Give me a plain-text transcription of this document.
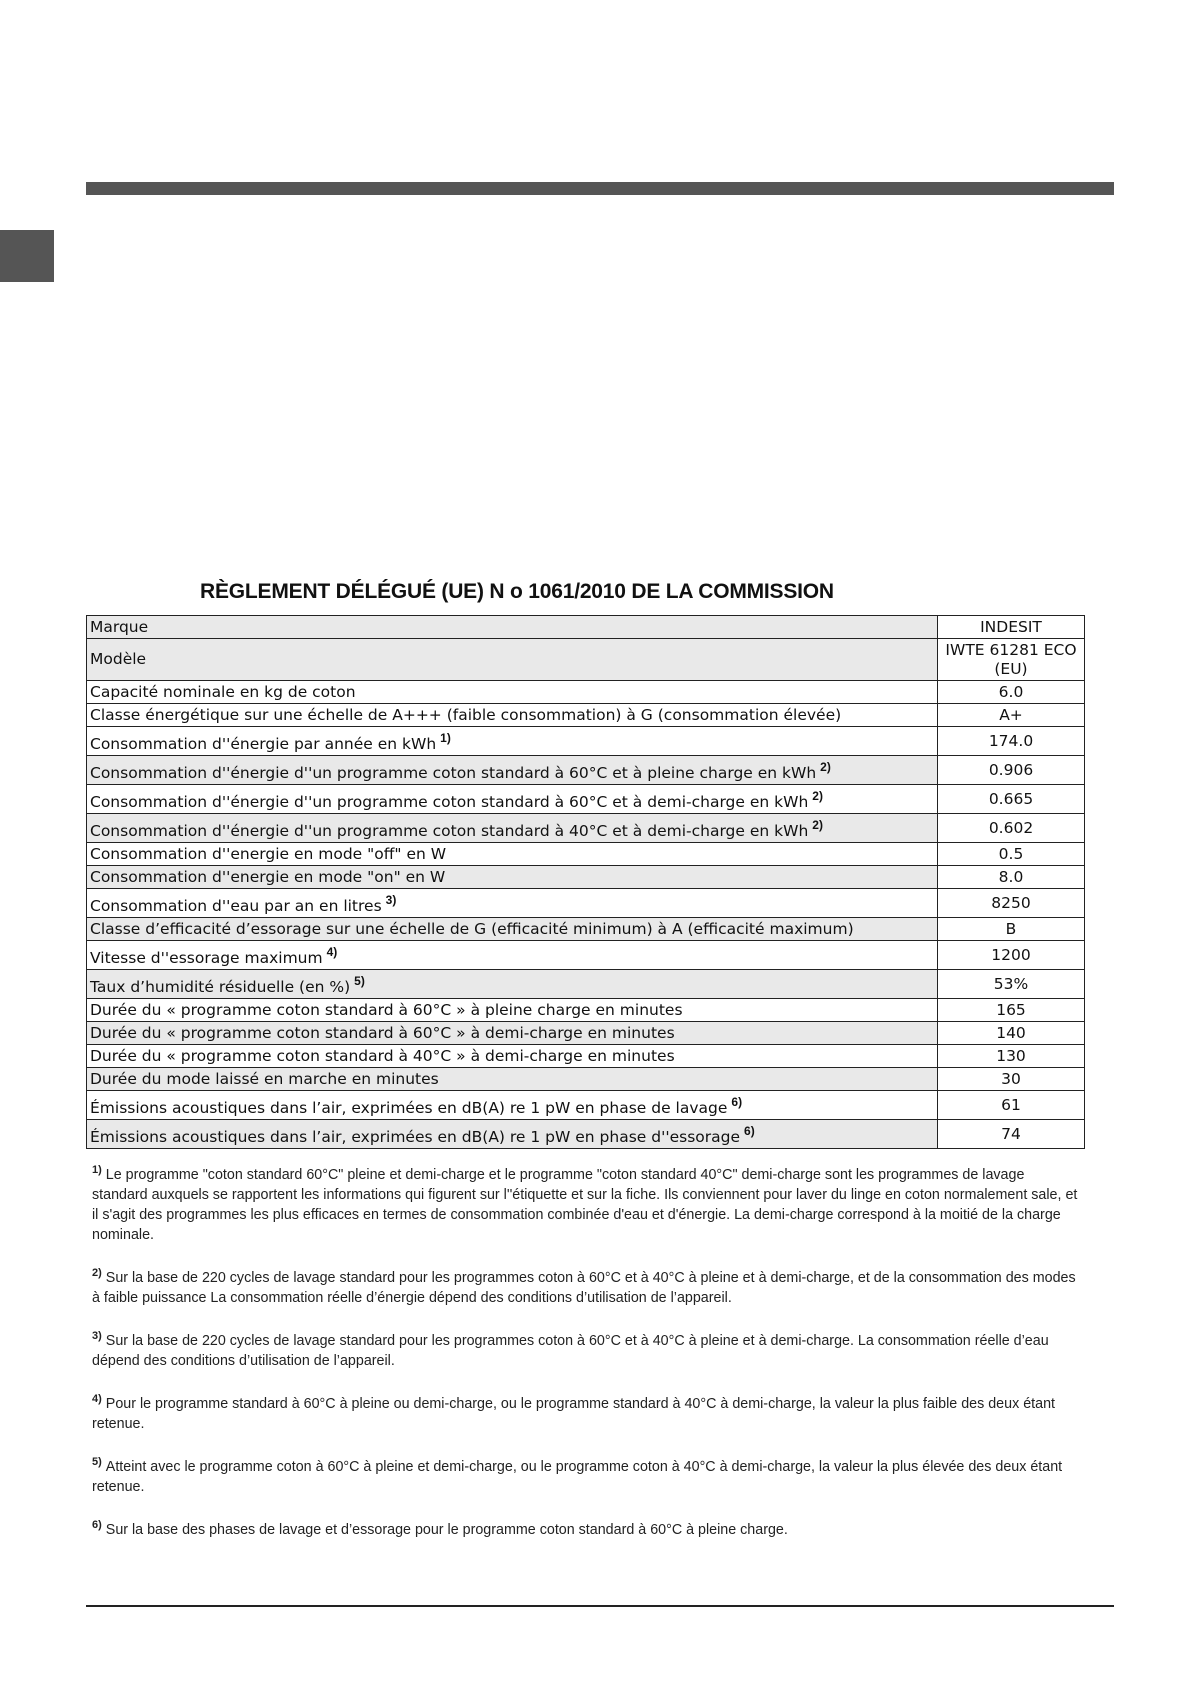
RÈGLEMENT DÉLÉGUÉ (UE) N o 1061/2010 DE LA COMMISSION
Marque	INDESIT
Modèle	IWTE 61281 ECO (EU)
Capacité nominale en kg de coton	6.0
Classe énergétique sur une échelle de A+++ (faible consommation) à G (consommation élevée)	A+
Consommation d''énergie par année en kWh $^{1)}$	174.0
Consommation d''énergie d''un programme coton standard à 60°C et à pleine charge en kWh $^{2)}$	0.906
Consommation d''énergie d''un programme coton standard à 60°C et à demi-charge en kWh $^{2)}$	0.665
Consommation d''énergie d''un programme coton standard à 40°C et à demi-charge en kWh $^{2)}$	0.602
Consommation d''energie en mode "off" en W	0.5
Consommation d''energie en mode "on" en W	8.0
Consommation d''eau par an en litres $^{3)}$	8250
Classe d’efficacité d’essorage sur une échelle de G (efficacité minimum) à A (efficacité maximum)	B
Vitesse d''essorage maximum $^{4)}$	1200
Taux d’humidité résiduelle (en %) $^{5)}$	53%
Durée du « programme coton standard à 60°C » à pleine charge en minutes	165
Durée du « programme coton standard à 60°C » à demi-charge en minutes	140
Durée du « programme coton standard à 40°C » à demi-charge en minutes	130
Durée du mode laissé en marche en minutes	30
Émissions acoustiques dans l’air, exprimées en dB(A) re 1 pW en phase de lavage $^{6)}$	61
Émissions acoustiques dans l’air, exprimées en dB(A) re 1 pW en phase d''essorage $^{6)}$	74

$^{1)}$ Le programme "coton standard 60°C" pleine et demi-charge et le programme "coton standard 40°C" demi-charge sont les programmes de lavage standard auxquels se rapportent les informations qui figurent sur l''étiquette et sur la fiche. Ils conviennent pour laver du linge en coton normalement sale, et il s'agit des programmes les plus efficaces en termes de consommation combinée d'eau et d'énergie. La demi-charge correspond à la moitié de la charge nominale.

$^{2)}$ Sur la base de 220 cycles de lavage standard pour les programmes coton à 60°C et à 40°C à pleine et à demi-charge, et de la consommation des modes à faible puissance La consommation réelle d’énergie dépend des conditions d’utilisation de l’appareil.

$^{3)}$ Sur la base de 220 cycles de lavage standard pour les programmes coton à 60°C et à 40°C à pleine et à demi-charge. La consommation réelle d’eau dépend des conditions d’utilisation de l’appareil.

$^{4)}$ Pour le programme standard à 60°C à pleine ou demi-charge, ou le programme standard à 40°C à demi-charge, la valeur la plus faible des deux étant retenue.

$^{5)}$ Atteint avec le programme coton à 60°C à pleine et demi-charge, ou le programme coton à 40°C à demi-charge, la valeur la plus élevée des deux étant retenue.

$^{6)}$ Sur la base des phases de lavage et d’essorage pour le programme coton standard à 60°C à pleine charge.
